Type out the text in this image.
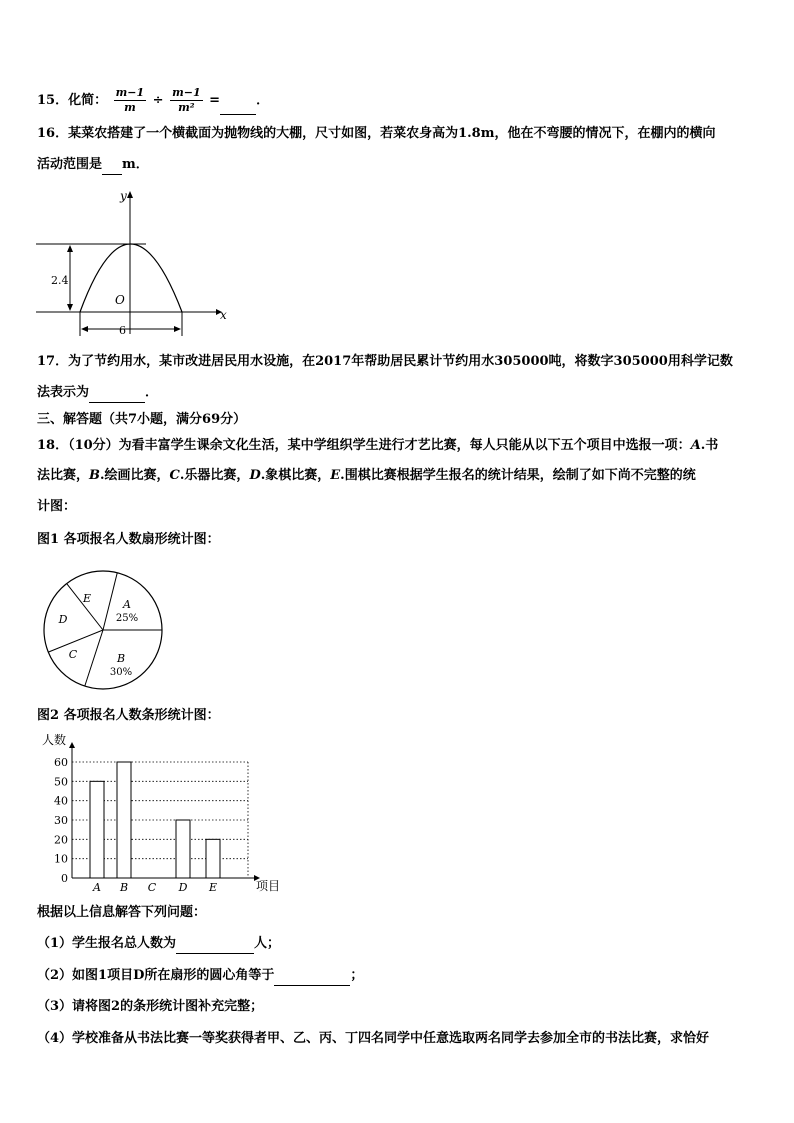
15．化简： $\frac{m-1}{m} \div \frac{m-1}{\text{m²}}$ =	．
16．某菜农搭建了一个横截面为抛物线的大棚，尺寸如图，若菜农身高为1.8m，他在不弯腰的情况下，在棚内的横向
活动范围是 m．
y
x
O
2.4
6
17．为了节约用水，某市改进居民用水设施，在2017年帮助居民累计节约用水305000吨，将数字305000用科学记数
法表示为	．
三、解答题（共7小题，满分69分）
18．（10分）为看丰富学生课余文化生活，某中学组织学生进行才艺比赛，每人只能从以下五个项目中选报一项：A.书
法比赛，B.绘画比赛，C.乐器比赛，D.象棋比赛，E.围棋比赛根据学生报名的统计结果，绘制了如下尚不完整的统
计图：
图1 各项报名人数扇形统计图：
A
25%
B
30%
C
D
E
图2 各项报名人数条形统计图：
0
10
20
30
40
50
60
人数
项目
A B C D E
根据以上信息解答下列问题：
（1）学生报名总人数为	人；
（2）如图1项目D所在扇形的圆心角等于	；
（3）请将图2的条形统计图补充完整；
（4）学校准备从书法比赛一等奖获得者甲、乙、丙、丁四名同学中任意选取两名同学去参加全市的书法比赛，求恰好
